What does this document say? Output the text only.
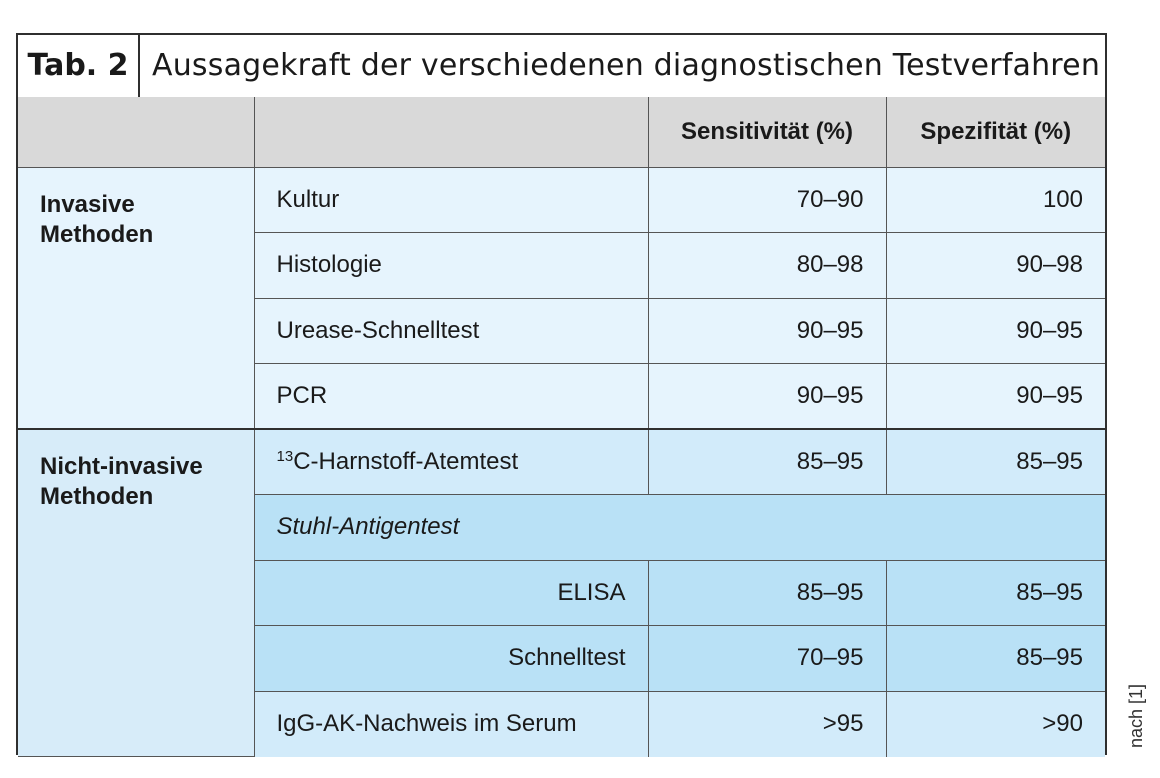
Tab. 2 Aussagekraft der verschiedenen diagnostischen Testverfahren
		Sensitivität (%)	Spezifität (%)
Invasive Methoden	Kultur	70–90	100
	Histologie	80–98	90–98
	Urease-Schnelltest	90–95	90–95
	PCR	90–95	90–95
Nicht-invasive Methoden	$^{13}$C-Harnstoff-Atemtest	85–95	85–95
	Stuhl-Antigentest		
	ELISA	85–95	85–95
	Schnelltest	70–95	85–95
	IgG-AK-Nachweis im Serum	>95	>90 nach [1]
